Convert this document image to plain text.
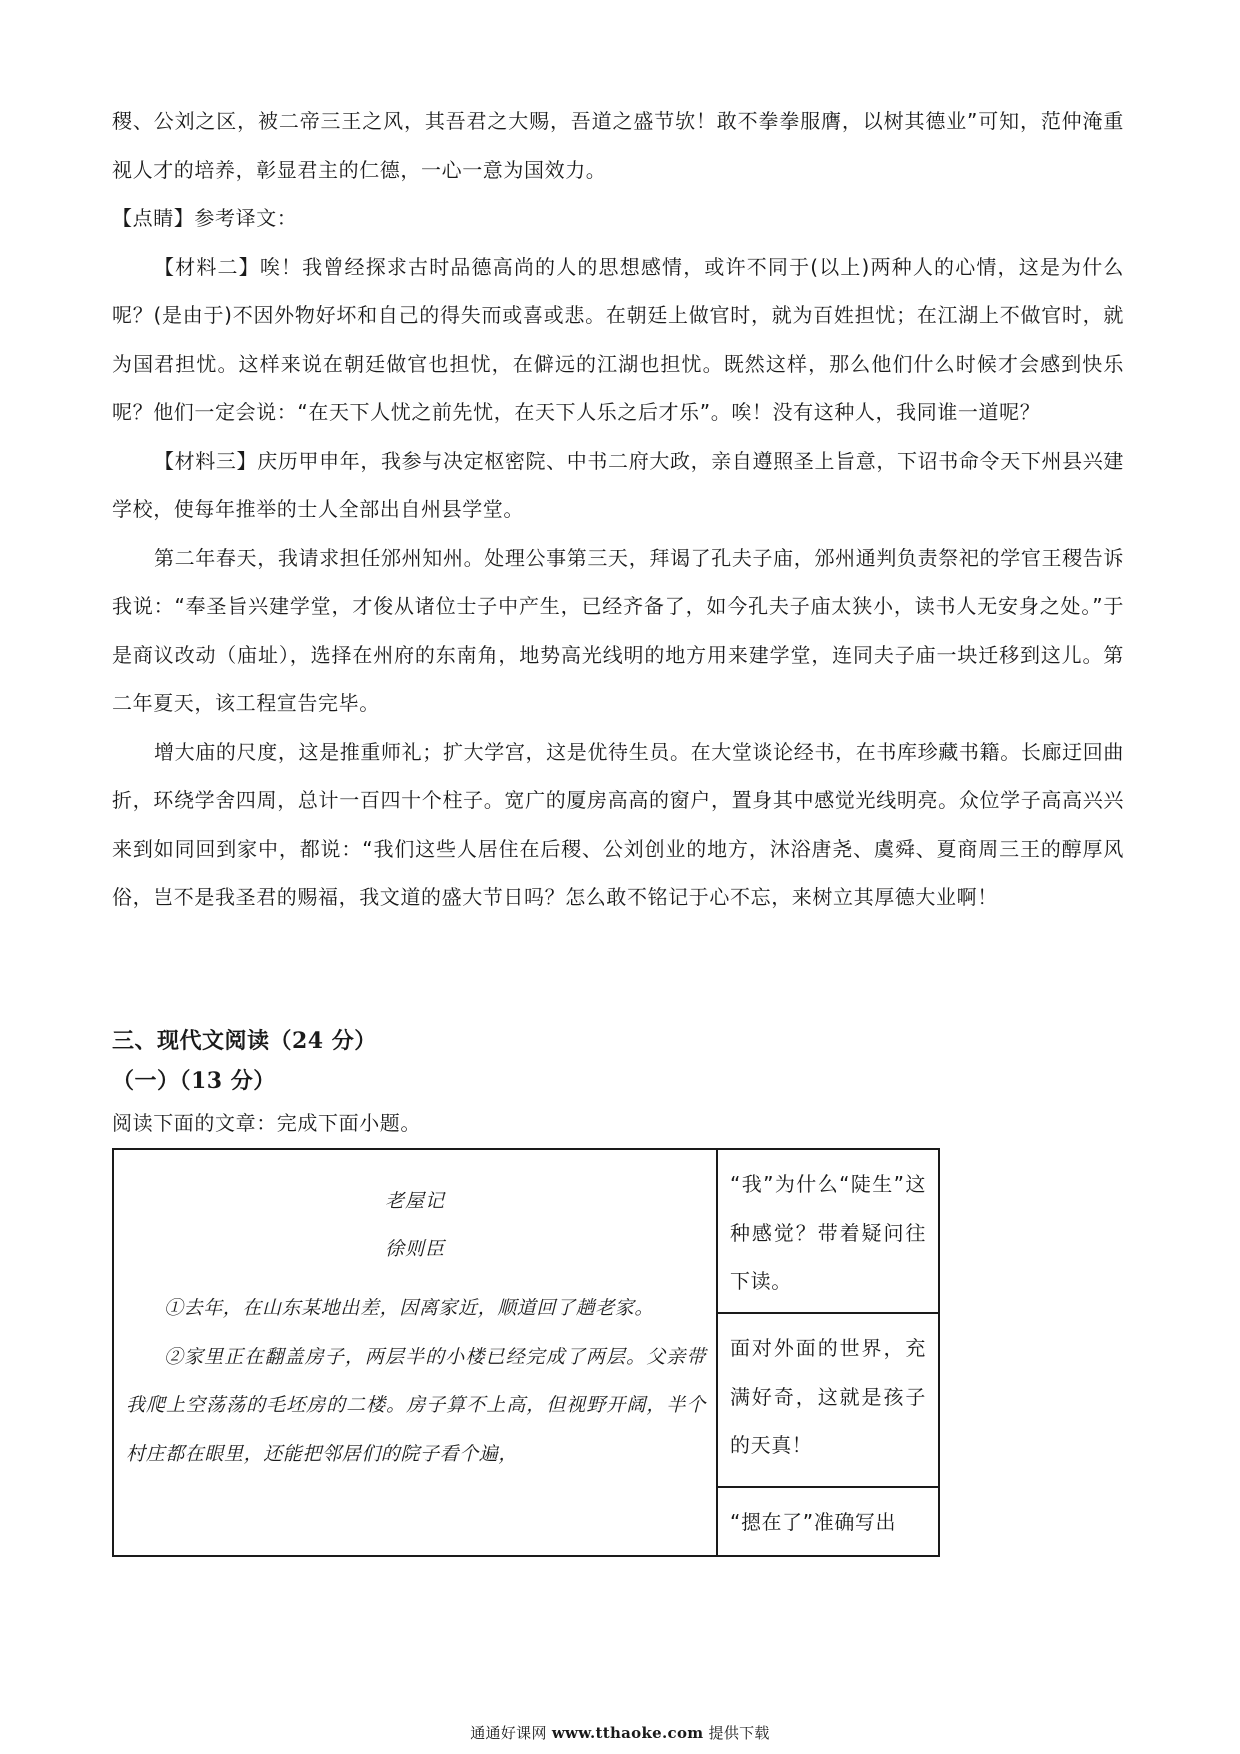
稷、公刘之区，被二帝三王之风，其吾君之大赐，吾道之盛节欤！敢不拳拳服膺，以树其德业”可知，范仲淹重视人才的培养，彰显君主的仁德，一心一意为国效力。

【点睛】参考译文：

【材料二】唉！我曾经探求古时品德高尚的人的思想感情，或许不同于(以上)两种人的心情，这是为什么呢？(是由于)不因外物好坏和自己的得失而或喜或悲。在朝廷上做官时，就为百姓担忧；在江湖上不做官时，就为国君担忧。这样来说在朝廷做官也担忧，在僻远的江湖也担忧。既然这样，那么他们什么时候才会感到快乐呢？他们一定会说：“在天下人忧之前先忧，在天下人乐之后才乐”。唉！没有这种人，我同谁一道呢？

【材料三】庆历甲申年，我参与决定枢密院、中书二府大政，亲自遵照圣上旨意，下诏书命令天下州县兴建学校，使每年推举的士人全部出自州县学堂。

第二年春天，我请求担任邠州知州。处理公事第三天，拜谒了孔夫子庙，邠州通判负责祭祀的学官王稷告诉我说：“奉圣旨兴建学堂，才俊从诸位士子中产生，已经齐备了，如今孔夫子庙太狭小，读书人无安身之处。”于是商议改动（庙址），选择在州府的东南角，地势高光线明的地方用来建学堂，连同夫子庙一块迁移到这儿。第二年夏天，该工程宣告完毕。

增大庙的尺度，这是推重师礼；扩大学宫，这是优待生员。在大堂谈论经书，在书库珍藏书籍。长廊迂回曲折，环绕学舍四周，总计一百四十个柱子。宽广的厦房高高的窗户，置身其中感觉光线明亮。众位学子高高兴兴来到如同回到家中，都说：“我们这些人居住在后稷、公刘创业的地方，沐浴唐尧、虞舜、夏商周三王的醇厚风俗，岂不是我圣君的赐福，我文道的盛大节日吗？怎么敢不铭记于心不忘，来树立其厚德大业啊！

三、现代文阅读（24 分）
（一）（13 分）
阅读下面的文章：完成下面小题。
老屋记
徐则臣

①去年，在山东某地出差，因离家近，顺道回了趟老家。

②家里正在翻盖房子，两层半的小楼已经完成了两层。父亲带我爬上空荡荡的毛坯房的二楼。房子算不上高，但视野开阔，半个村庄都在眼里，还能把邻居们的院子看个遍，

“我”为什么“陡生”这种感觉？带着疑问往下读。
面对外面的世界，充满好奇，这就是孩子的天真！
“摁在了”准确写出
通通好课网 www.tthaoke.com 提供下载
